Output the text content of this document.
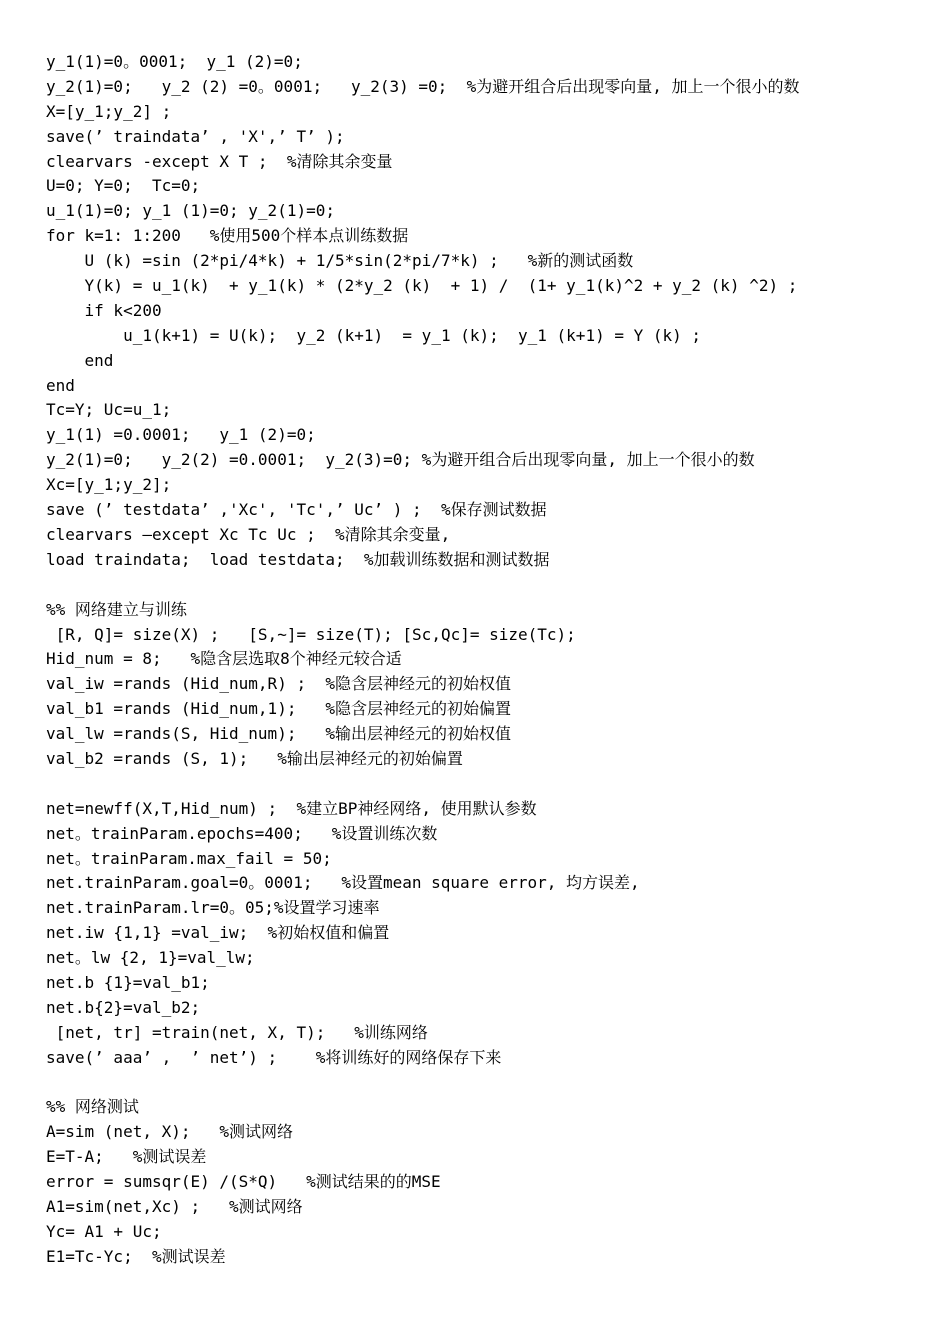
y_1(1)=0。0001;  y_1 (2)=0;
y_2(1)=0;   y_2 (2) =0。0001;   y_2(3) =0;  %为避开组合后出现零向量, 加上一个很小的数
X=[y_1;y_2] ;
save(’ traindata’ , 'X',’ T’ );
clearvars -except X T ;  %清除其余变量
U=0; Y=0;  Tc=0;
u_1(1)=0; y_1 (1)=0; y_2(1)=0;
for k=1: 1:200   %使用500个样本点训练数据
U (k) =sin (2*pi/4*k) + 1/5*sin(2*pi/7*k) ;   %新的测试函数
Y(k) = u_1(k)  + y_1(k) * (2*y_2 (k)  + 1) /  (1+ y_1(k)^2 + y_2 (k) ^2) ;
if k<200
u_1(k+1) = U(k);  y_2 (k+1)  = y_1 (k);  y_1 (k+1) = Y (k) ;
end
end
Tc=Y; Uc=u_1;
y_1(1) =0.0001;   y_1 (2)=0;
y_2(1)=0;   y_2(2) =0.0001;  y_2(3)=0; %为避开组合后出现零向量, 加上一个很小的数
Xc=[y_1;y_2];
save (’ testdata’ ,'Xc', 'Tc',’ Uc’ ) ;  %保存测试数据
clearvars —except Xc Tc Uc ;  %清除其余变量,
load traindata;  load testdata;  %加载训练数据和测试数据
%% 网络建立与训练
[R, Q]= size(X) ;   [S,~]= size(T); [Sc,Qc]= size(Tc);
Hid_num = 8;   %隐含层选取8个神经元较合适
val_iw =rands (Hid_num,R) ;  %隐含层神经元的初始权值
val_b1 =rands (Hid_num,1);   %隐含层神经元的初始偏置
val_lw =rands(S, Hid_num);   %输出层神经元的初始权值
val_b2 =rands (S, 1);   %输出层神经元的初始偏置
net=newff(X,T,Hid_num) ;  %建立BP神经网络, 使用默认参数
net。trainParam.epochs=400;   %设置训练次数
net。trainParam.max_fail = 50;
net.trainParam.goal=0。0001;   %设置mean square error, 均方误差,
net.trainParam.lr=0。05;%设置学习速率
net.iw {1,1} =val_iw;  %初始权值和偏置
net。lw {2, 1}=val_lw;
net.b {1}=val_b1;
net.b{2}=val_b2;
[net, tr] =train(net, X, T);   %训练网络
save(’ aaa’ ,  ’ net’) ;    %将训练好的网络保存下来
%% 网络测试
A=sim (net, X);   %测试网络
E=T-A;   %测试误差
error = sumsqr(E) /(S*Q)   %测试结果的的MSE
A1=sim(net,Xc) ;   %测试网络
Yc= A1 + Uc;
E1=Tc-Yc;  %测试误差
